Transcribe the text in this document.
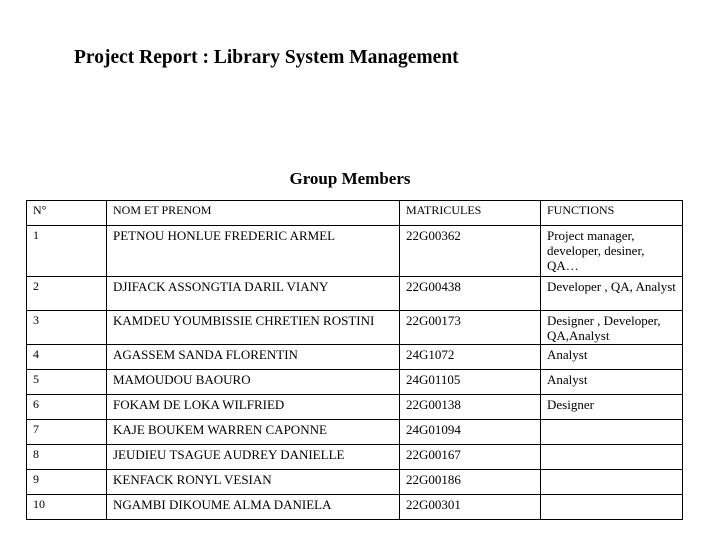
Project Report : Library System Management
Group Members
N°	NOM ET PRENOM	MATRICULES	FUNCTIONS
1	PETNOU HONLUE FREDERIC ARMEL	22G00362	Project manager, developer, desiner, QA…
2	DJIFACK ASSONGTIA DARIL VIANY	22G00438	Developer , QA, Analyst
3	KAMDEU YOUMBISSIE CHRETIEN ROSTINI	22G00173	Designer , Developer, QA,Analyst
4	AGASSEM SANDA FLORENTIN	24G1072	Analyst
5	MAMOUDOU BAOURO	24G01105	Analyst
6	FOKAM DE LOKA WILFRIED	22G00138	Designer
7	KAJE BOUKEM WARREN CAPONNE	24G01094	
8	JEUDIEU TSAGUE AUDREY DANIELLE	22G00167	
9	KENFACK RONYL VESIAN	22G00186	
10	NGAMBI DIKOUME ALMA DANIELA	22G00301	
